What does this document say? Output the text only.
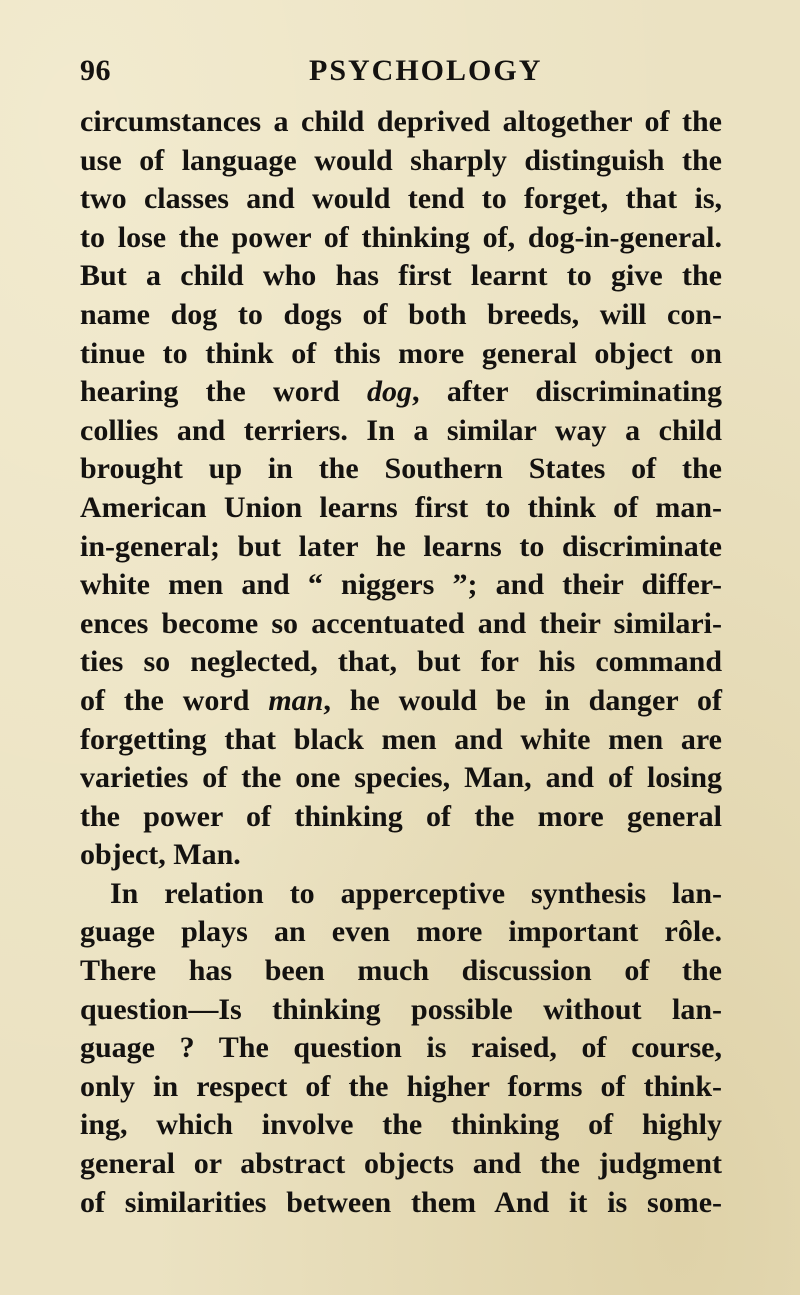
96	PSYCHOLOGY
circumstances a child deprived altogether of the
use of language would sharply distinguish the
two classes and would tend to forget, that is,
to lose the power of thinking of, dog-in-general.
But a child who has first learnt to give the
name dog to dogs of both breeds, will con-
tinue to think of this more general object on
hearing the word dog, after discriminating
collies and terriers. In a similar way a child
brought up in the Southern States of the
American Union learns first to think of man-
in-general; but later he learns to discriminate
white men and “ niggers ”; and their differ-
ences become so accentuated and their similari-
ties so neglected, that, but for his command
of the word man, he would be in danger of
forgetting that black men and white men are
varieties of the one species, Man, and of losing
the power of thinking of the more general
object, Man.
In relation to apperceptive synthesis lan-
guage plays an even more important rôle.
There has been much discussion of the
question—Is thinking possible without lan-
guage ? The question is raised, of course,
only in respect of the higher forms of think-
ing, which involve the thinking of highly
general or abstract objects and the judgment
of similarities between them And it is some-
